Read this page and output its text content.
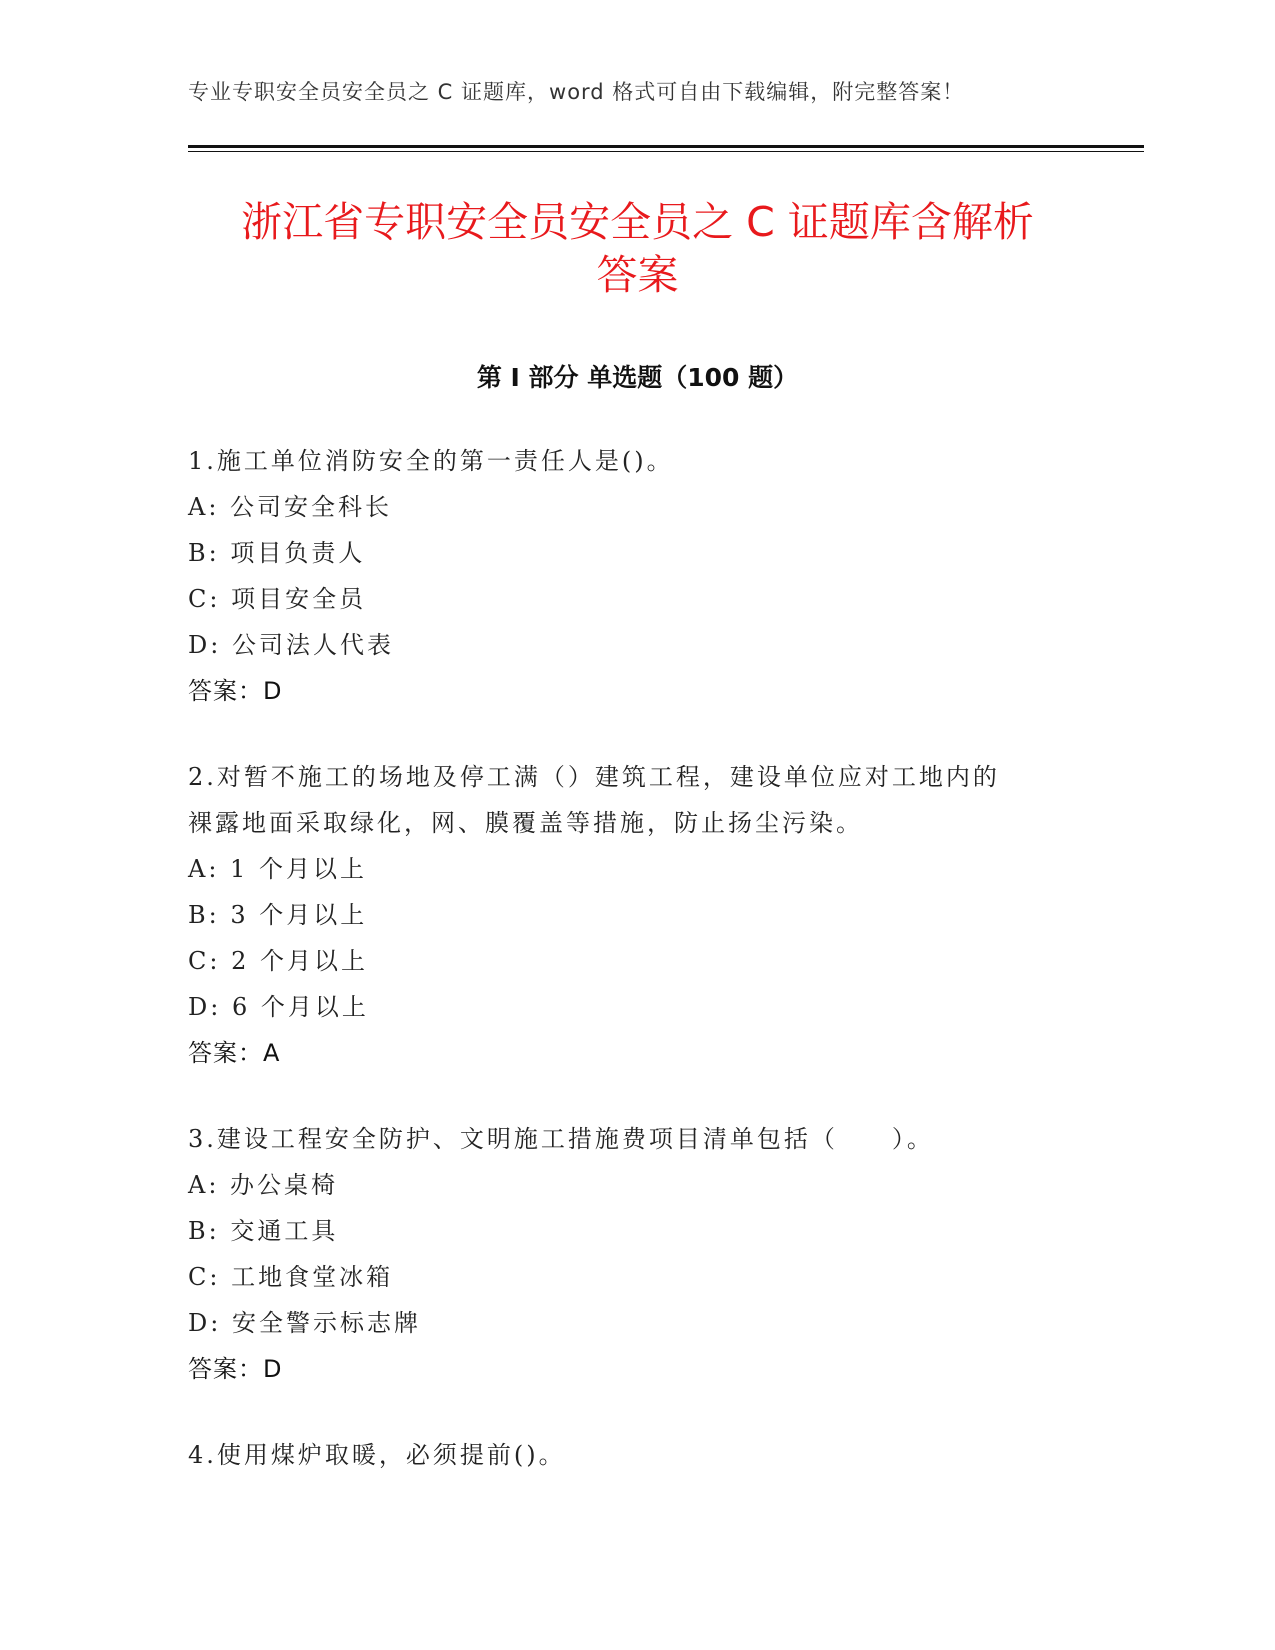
专业专职安全员安全员之 C 证题库，word 格式可自由下载编辑，附完整答案！
浙江省专职安全员安全员之 C 证题库含解析
答案
第 I 部分 单选题（100 题）
1.施工单位消防安全的第一责任人是()。
A: 公司安全科长
B: 项目负责人
C: 项目安全员
D: 公司法人代表
答案：D
2.对暂不施工的场地及停工满（）建筑工程，建设单位应对工地内的
裸露地面采取绿化，网、膜覆盖等措施，防止扬尘污染。
A: 1 个月以上
B: 3 个月以上
C: 2 个月以上
D: 6 个月以上
答案：A
3.建设工程安全防护、文明施工措施费项目清单包括（　　）。
A: 办公桌椅
B: 交通工具
C: 工地食堂冰箱
D: 安全警示标志牌
答案：D
4.使用煤炉取暖，必须提前()。
